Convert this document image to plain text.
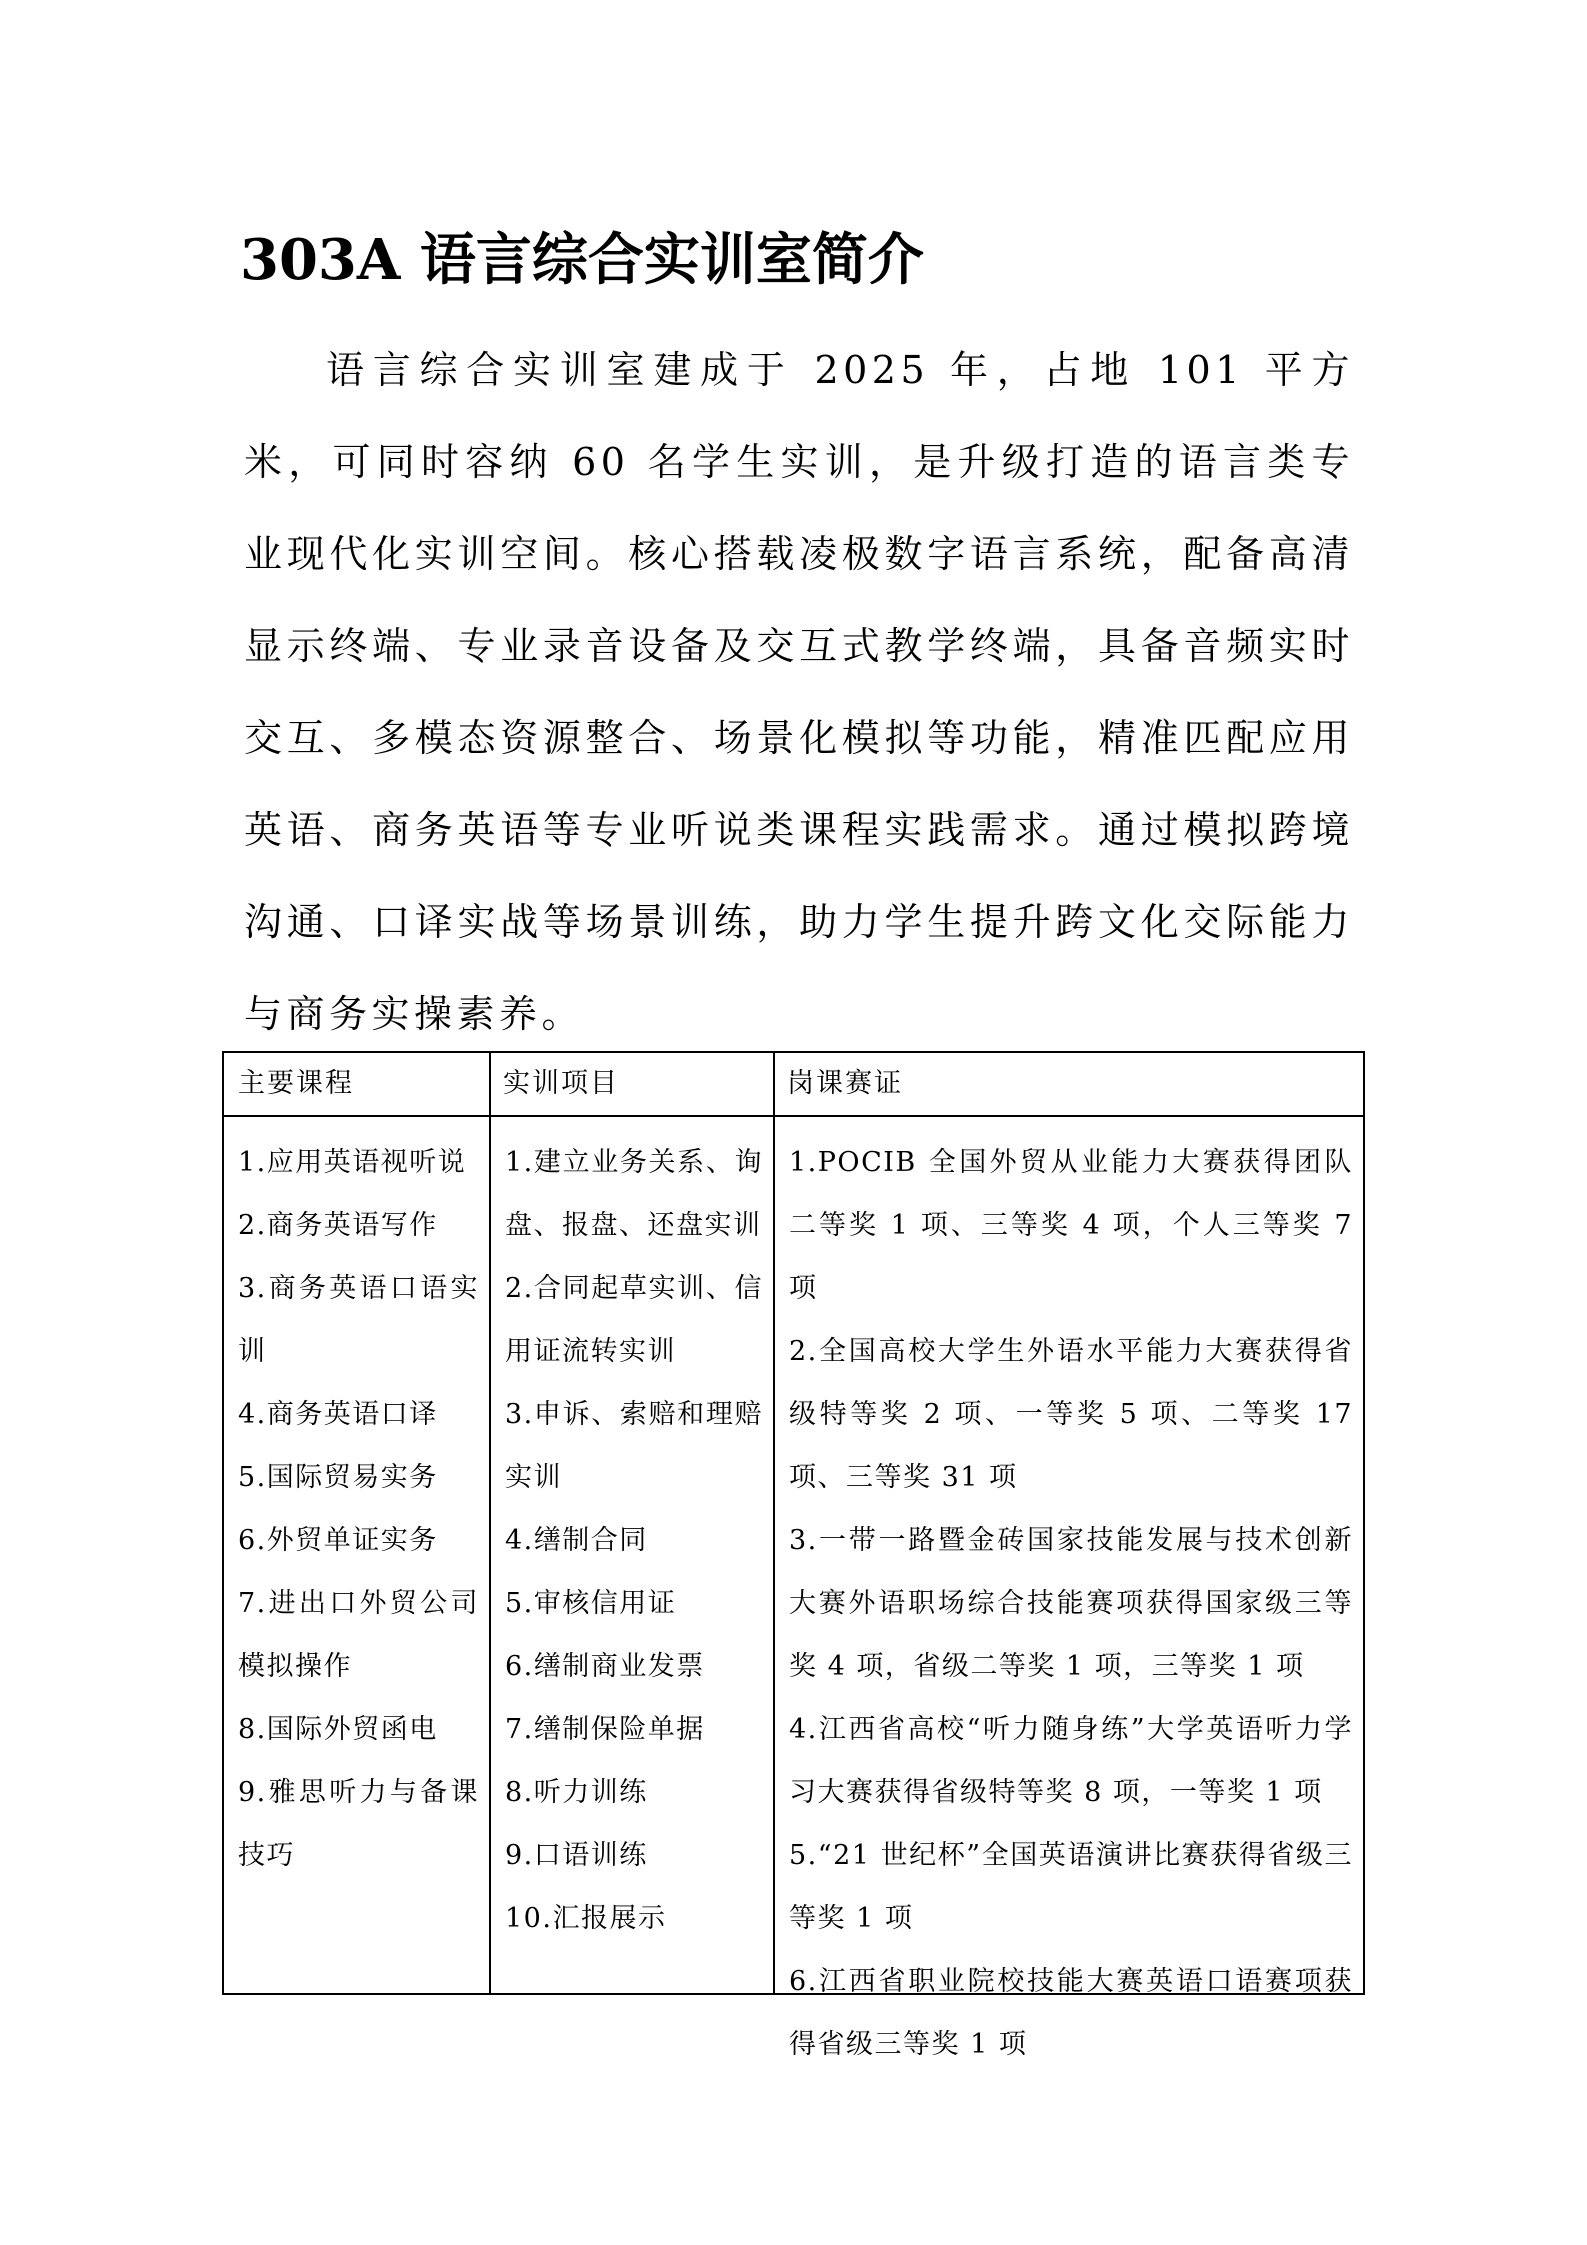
303A 语言综合实训室简介

语言综合实训室建成于 2025 年，占地 101 平方米，可同时容纳 60 名学生实训，是升级打造的语言类专业现代化实训空间。核心搭载凌极数字语言系统，配备高清显示终端、专业录音设备及交互式教学终端，具备音频实时交互、多模态资源整合、场景化模拟等功能，精准匹配应用英语、商务英语等专业听说类课程实践需求。通过模拟跨境沟通、口译实战等场景训练，助力学生提升跨文化交际能力与商务实操素养。

主要课程	实训项目	岗课赛证
1.应用英语视听说
2.商务英语写作
3.商务英语口语实训
4.商务英语口译
5.国际贸易实务
6.外贸单证实务
7.进出口外贸公司模拟操作
8.国际外贸函电
9.雅思听力与备课技巧
1.建立业务关系、询盘、报盘、还盘实训
2.合同起草实训、信用证流转实训
3.申诉、索赔和理赔实训
4.缮制合同
5.审核信用证
6.缮制商业发票
7.缮制保险单据
8.听力训练
9.口语训练
10.汇报展示
1.POCIB 全国外贸从业能力大赛获得团队二等奖 1 项、三等奖 4 项，个人三等奖 7 项
2.全国高校大学生外语水平能力大赛获得省级特等奖 2 项、一等奖 5 项、二等奖 17 项、三等奖 31 项
3.一带一路暨金砖国家技能发展与技术创新大赛外语职场综合技能赛项获得国家级三等奖 4 项，省级二等奖 1 项，三等奖 1 项
4.江西省高校“听力随身练”大学英语听力学习大赛获得省级特等奖 8 项，一等奖 1 项
5.“21 世纪杯”全国英语演讲比赛获得省级三等奖 1 项
6.江西省职业院校技能大赛英语口语赛项获得省级三等奖 1 项
